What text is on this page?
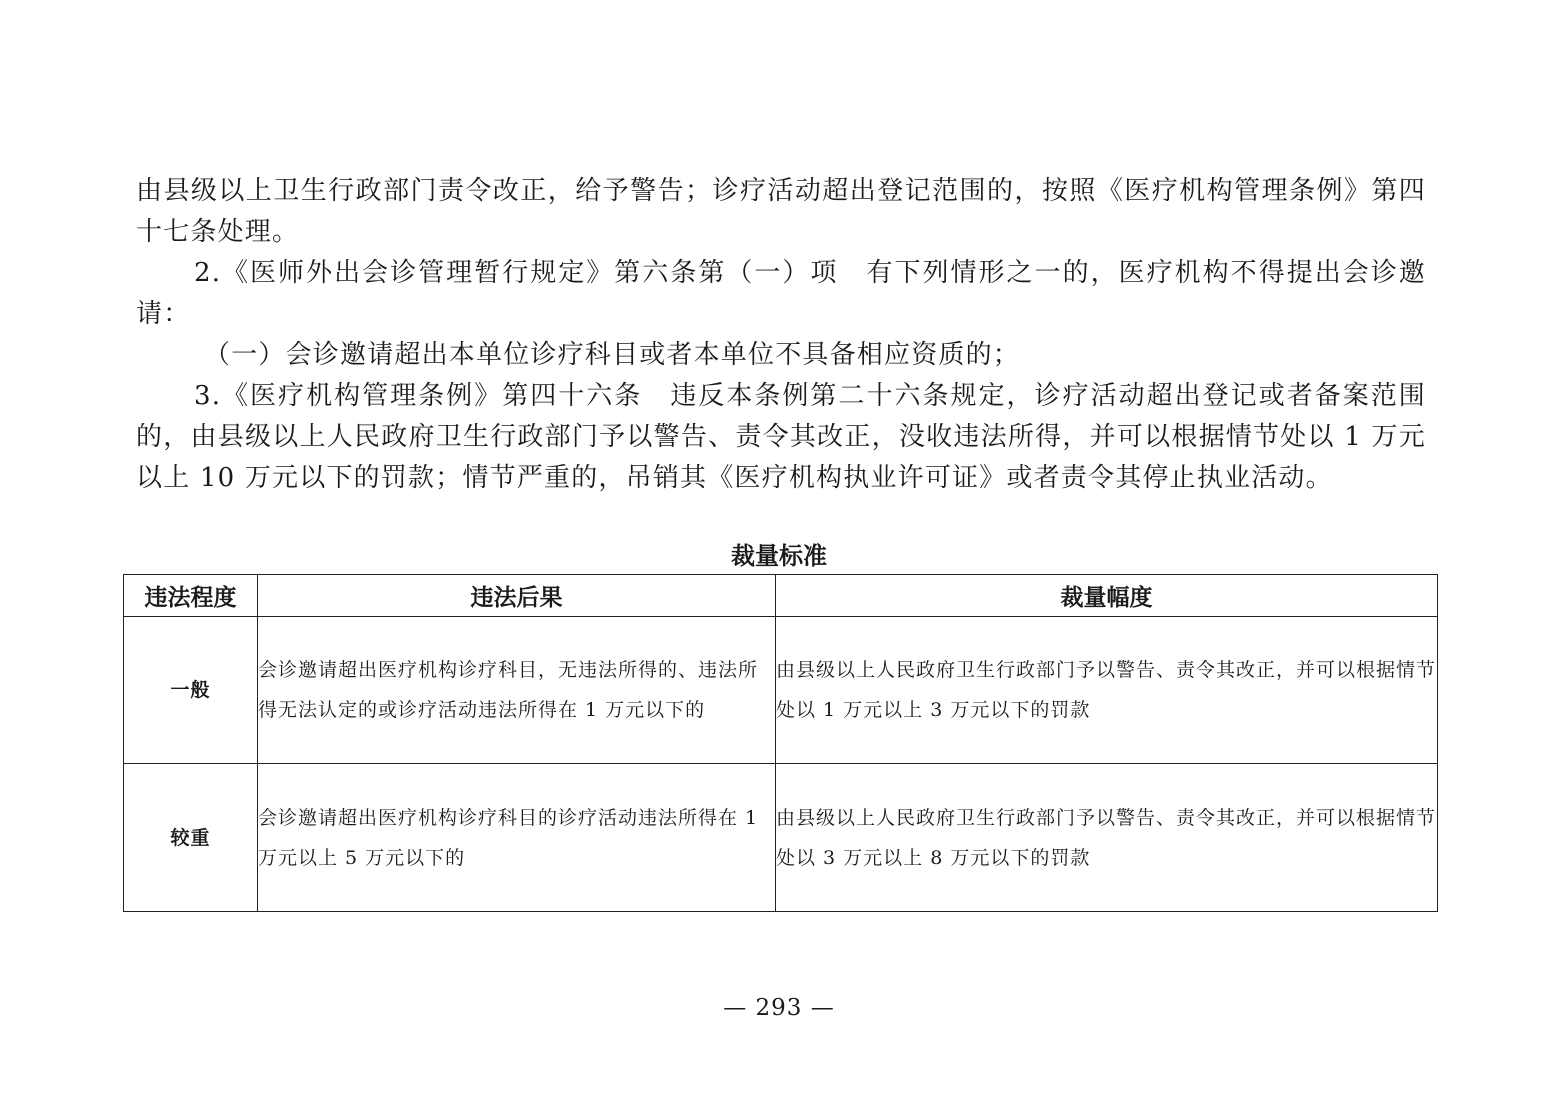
由县级以上卫生行政部门责令改正，给予警告；诊疗活动超出登记范围的，按照《医疗机构管理条例》第四十七条处理。

2.《医师外出会诊管理暂行规定》第六条第（一）项　有下列情形之一的，医疗机构不得提出会诊邀请：

（一）会诊邀请超出本单位诊疗科目或者本单位不具备相应资质的；

3.《医疗机构管理条例》第四十六条　违反本条例第二十六条规定，诊疗活动超出登记或者备案范围的，由县级以上人民政府卫生行政部门予以警告、责令其改正，没收违法所得，并可以根据情节处以 1 万元以上 10 万元以下的罚款；情节严重的，吊销其《医疗机构执业许可证》或者责令其停止执业活动。

裁量标准
违法程度	违法后果	裁量幅度
一般	会诊邀请超出医疗机构诊疗科目，无违法所得的、违法所得无法认定的或诊疗活动违法所得在 1 万元以下的	由县级以上人民政府卫生行政部门予以警告、责令其改正，并可以根据情节处以 1 万元以上 3 万元以下的罚款
较重	会诊邀请超出医疗机构诊疗科目的诊疗活动违法所得在 1 万元以上 5 万元以下的	由县级以上人民政府卫生行政部门予以警告、责令其改正，并可以根据情节处以 3 万元以上 8 万元以下的罚款
— 293 —
